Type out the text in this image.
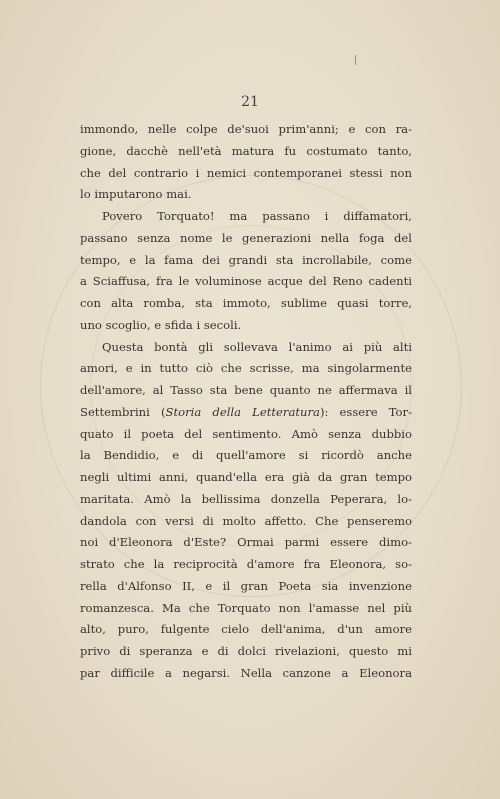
21

immondo, nelle colpe de'suoi prim'anni; e con ra-

gione, dacchè nell'età matura fu costumato tanto,

che del contrario i nemici contemporanei stessi non

lo imputarono mai.

Povero Torquato! ma passano i diffamatori,

passano senza nome le generazioni nella foga del

tempo, e la fama dei grandi sta incrollabile, come

a Sciaffusa, fra le voluminose acque del Reno cadenti

con alta romba, sta immoto, sublime quasi torre,

uno scoglio, e sfida i secoli.

Questa bontà gli sollevava l'animo ai più alti

amori, e in tutto ciò che scrisse, ma singolarmente

dell'amore, al Tasso sta bene quanto ne affermava il

Settembrini (Storia della Letteratura): essere Tor-

quato il poeta del sentimento. Amò senza dubbio

la Bendidio, e di quell'amore si ricordò anche

negli ultimi anni, quand'ella era già da gran tempo

maritata. Amò la bellissima donzella Peperara, lo-

dandola con versi di molto affetto. Che penseremo

noi d'Eleonora d'Este? Ormai parmi essere dimo-

strato che la reciprocità d'amore fra Eleonora, so-

rella d'Alfonso II, e il gran Poeta sia invenzione

romanzesca. Ma che Torquato non l'amasse nel più

alto, puro, fulgente cielo dell'anima, d'un amore

privo di speranza e di dolci rivelazioni, questo mi

par difficile a negarsi. Nella canzone a Eleonora
